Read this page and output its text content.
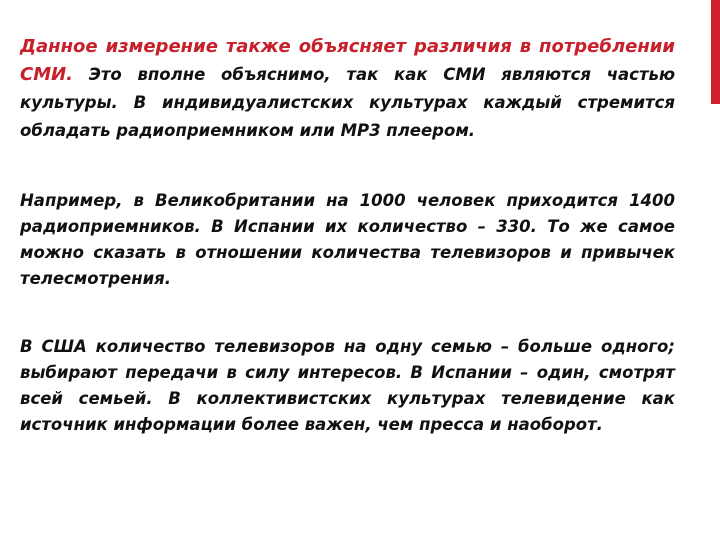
Данное измерение также объясняет различия в потреблении СМИ. Это вполне объяснимо, так как СМИ являются частью культуры. В индивидуалистских культурах каждый стремится обладать радиоприемником или MP3 плеером.

Например, в Великобритании на 1000 человек приходится 1400 радиоприемников. В Испании их количество – 330. То же самое можно сказать в отношении количества телевизоров и привычек телесмотрения.

В США количество телевизоров на одну семью – больше одного; выбирают передачи в силу интересов. В Испании – один, смотрят всей семьей. В коллективистских культурах телевидение как источник информации более важен, чем пресса и наоборот.
